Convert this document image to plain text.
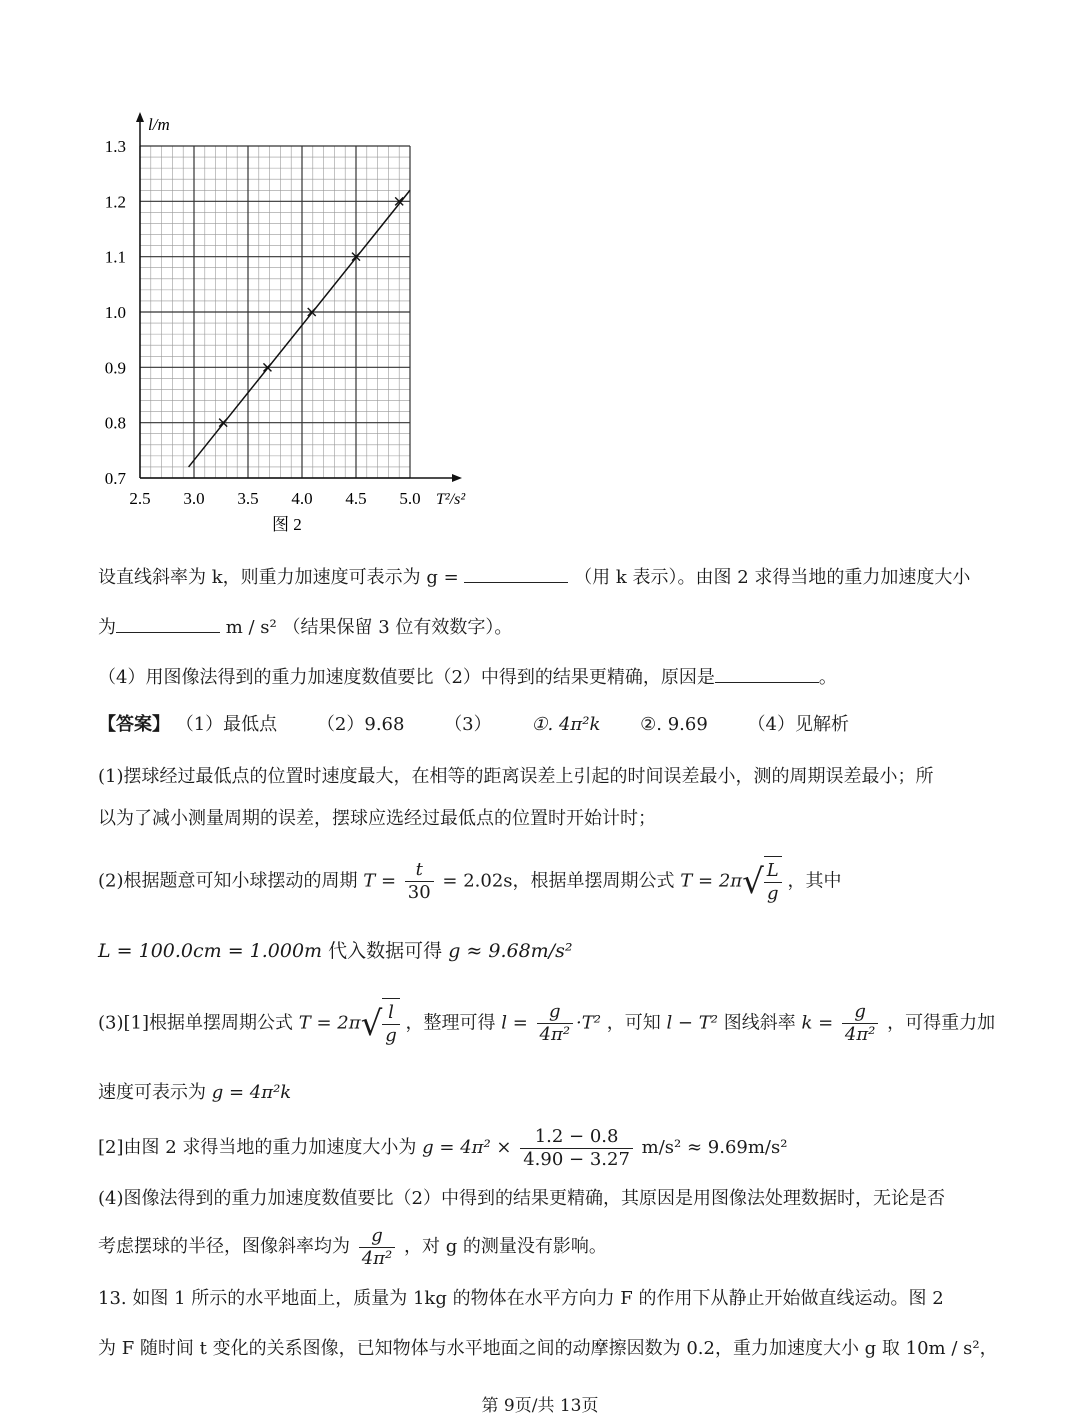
2.5 3.0 3.5 4.0 4.5 5.0
0.7
0.8
0.9
1.0
1.1
1.2
1.3
l/m
T²/s²
图 2
设直线斜率为 k，则重力加速度可表示为 g =	（用 k 表示）。由图 2 求得当地的重力加速度大小
为	m / s² （结果保留 3 位有效数字）。
（4）用图像法得到的重力加速度数值要比（2）中得到的结果更精确，原因是	。
【答案】 （1）最低点 （2）9.68 （3） ①. 4π²k ②. 9.69 （4）见解析
(1)摆球经过最低点的位置时速度最大，在相等的距离误差上引起的时间误差最小，测的周期误差最小；所
以为了减小测量周期的误差，摆球应选经过最低点的位置时开始计时；
(2)根据题意可知小球摆动的周期 $T = \frac{t}{30} = 2.02s$，根据单摆周期公式 $T = 2\pi√ \frac{L}{g}$ ，其中
L = 100.0cm = 1.000m 代入数据可得 g ≈ 9.68m/s²
(3)[1]根据单摆周期公式 $T = 2\pi√ \frac{l}{g}$ ，整理可得 $l = \frac{g}{\text{4π²}} \cdot T^2$ ，可知 l − T² 图线斜率 $k = \frac{g}{\text{4π²}}$ ，可得重力加
速度可表示为 g = 4π²k
[2]由图 2 求得当地的重力加速度大小为 $g = 4\pi^2 \times \frac{1.2 - 0.8}{4.90 - 3.27} m/s^2 \approx 9.69m/s^2$
(4)图像法得到的重力加速度数值要比（2）中得到的结果更精确，其原因是用图像法处理数据时，无论是否
考虑摆球的半径，图像斜率均为 $\frac{g}{\text{4π²}}$ ，对 g 的测量没有影响。
13. 如图 1 所示的水平地面上，质量为 1kg 的物体在水平方向力 F 的作用下从静止开始做直线运动。图 2
为 F 随时间 t 变化的关系图像，已知物体与水平地面之间的动摩擦因数为 0.2，重力加速度大小 g 取 10m / s²，
第 9页/共 13页
